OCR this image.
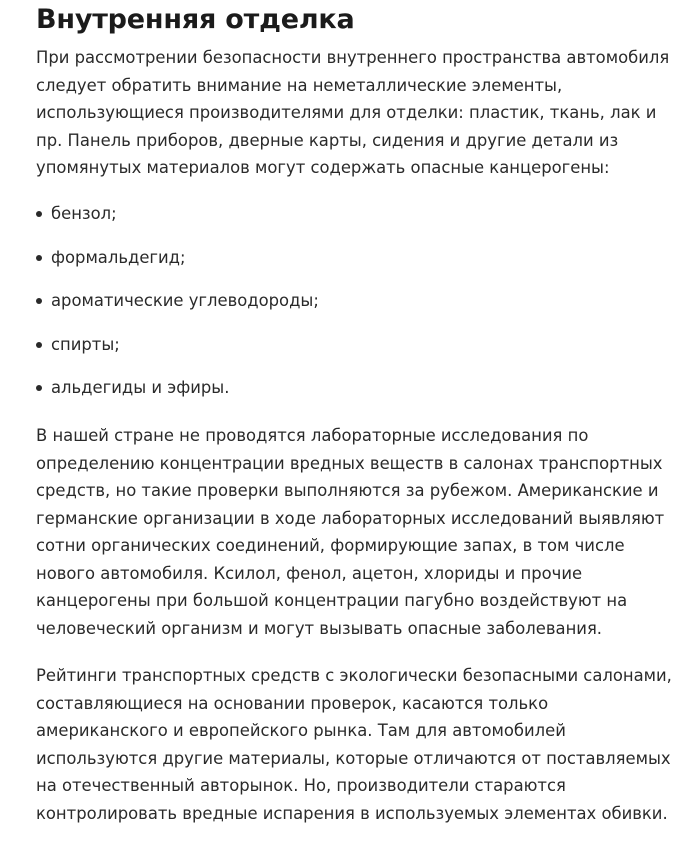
Внутренняя отделка

При рассмотрении безопасности внутреннего пространства автомобиля следует обратить внимание на неметаллические элементы, использующиеся производителями для отделки: пластик, ткань, лак и пр. Панель приборов, дверные карты, сидения и другие детали из упомянутых материалов могут содержать опасные канцерогены:

бензол;
формальдегид;
ароматические углеводороды;
спирты;
альдегиды и эфиры.

В нашей стране не проводятся лабораторные исследования по определению концентрации вредных веществ в салонах транспортных средств, но такие проверки выполняются за рубежом. Американские и германские организации в ходе лабораторных исследований выявляют сотни органических соединений, формирующие запах, в том числе нового автомобиля. Ксилол, фенол, ацетон, хлориды и прочие канцерогены при большой концентрации пагубно воздействуют на человеческий организм и могут вызывать опасные заболевания.

Рейтинги транспортных средств с экологически безопасными салонами, составляющиеся на основании проверок, касаются только американского и европейского рынка. Там для автомобилей используются другие материалы, которые отличаются от поставляемых на отечественный авторынок. Но, производители стараются контролировать вредные испарения в используемых элементах обивки.
